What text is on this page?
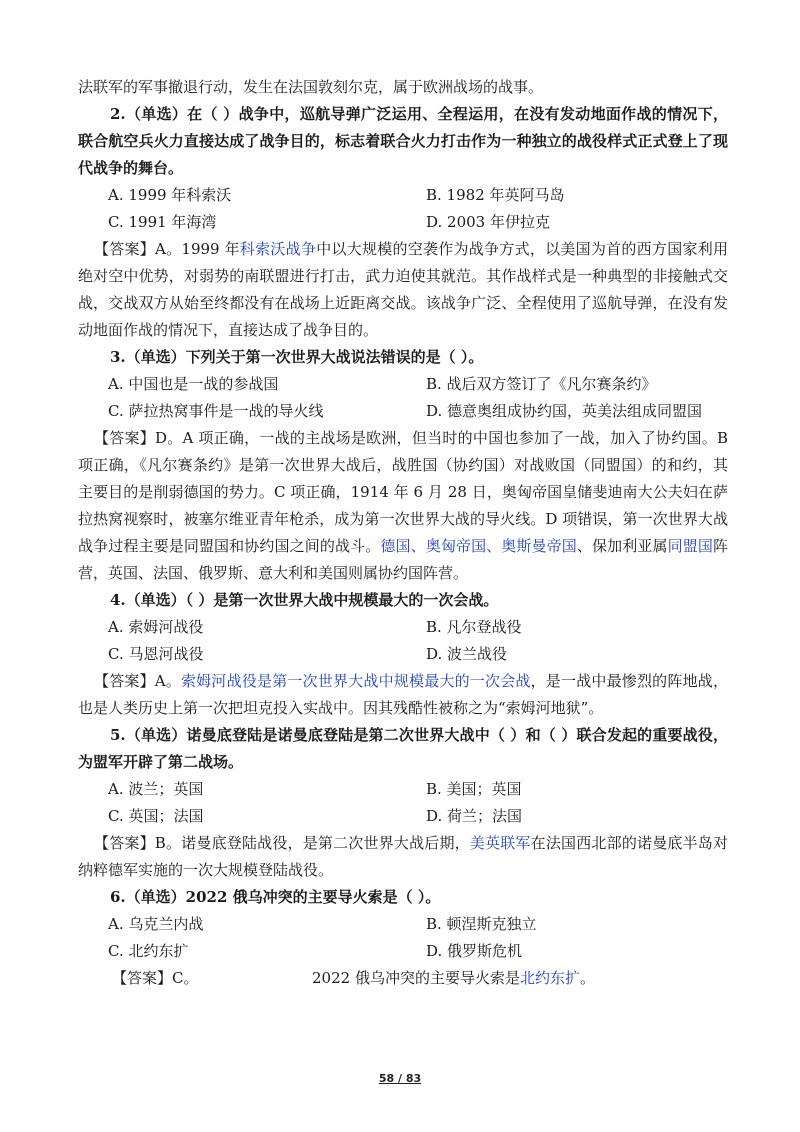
法联军的军事撤退行动，发生在法国敦刻尔克，属于欧洲战场的战事。

2.（单选）在（ ）战争中，巡航导弹广泛运用、全程运用，在没有发动地面作战的情况下，联合航空兵火力直接达成了战争目的，标志着联合火力打击作为一种独立的战役样式正式登上了现代战争的舞台。

A. 1999 年科索沃	B. 1982 年英阿马岛
C. 1991 年海湾	D. 2003 年伊拉克

【答案】A。1999 年科索沃战争中以大规模的空袭作为战争方式，以美国为首的西方国家利用绝对空中优势，对弱势的南联盟进行打击，武力迫使其就范。其作战样式是一种典型的非接触式交战，交战双方从始至终都没有在战场上近距离交战。该战争广泛、全程使用了巡航导弹，在没有发动地面作战的情况下，直接达成了战争目的。

3.（单选）下列关于第一次世界大战说法错误的是（ ）。

A. 中国也是一战的参战国	B. 战后双方签订了《凡尔赛条约》
C. 萨拉热窝事件是一战的导火线	D. 德意奥组成协约国，英美法组成同盟国

【答案】D。A 项正确，一战的主战场是欧洲，但当时的中国也参加了一战，加入了协约国。B 项正确，《凡尔赛条约》是第一次世界大战后，战胜国（协约国）对战败国（同盟国）的和约，其主要目的是削弱德国的势力。C 项正确，1914 年 6 月 28 日，奥匈帝国皇储斐迪南大公夫妇在萨拉热窝视察时，被塞尔维亚青年枪杀，成为第一次世界大战的导火线。D 项错误，第一次世界大战战争过程主要是同盟国和协约国之间的战斗。德国、奥匈帝国、奥斯曼帝国、保加利亚属同盟国阵营，英国、法国、俄罗斯、意大利和美国则属协约国阵营。

4.（单选）（ ）是第一次世界大战中规模最大的一次会战。

A. 索姆河战役	B. 凡尔登战役
C. 马恩河战役	D. 波兰战役

【答案】A。索姆河战役是第一次世界大战中规模最大的一次会战，是一战中最惨烈的阵地战，也是人类历史上第一次把坦克投入实战中。因其残酷性被称之为“索姆河地狱”。

5.（单选）诺曼底登陆是诺曼底登陆是第二次世界大战中（ ）和（ ）联合发起的重要战役，为盟军开辟了第二战场。

A. 波兰；英国	B. 美国；英国
C. 英国；法国	D. 荷兰；法国

【答案】B。诺曼底登陆战役，是第二次世界大战后期，美英联军在法国西北部的诺曼底半岛对纳粹德军实施的一次大规模登陆战役。

6.（单选）2022 俄乌冲突的主要导火索是（ ）。

A. 乌克兰内战	B. 顿涅斯克独立
C. 北约东扩	D. 俄罗斯危机
【答案】C。	2022 俄乌冲突的主要导火索是北约东扩。
58 / 83
